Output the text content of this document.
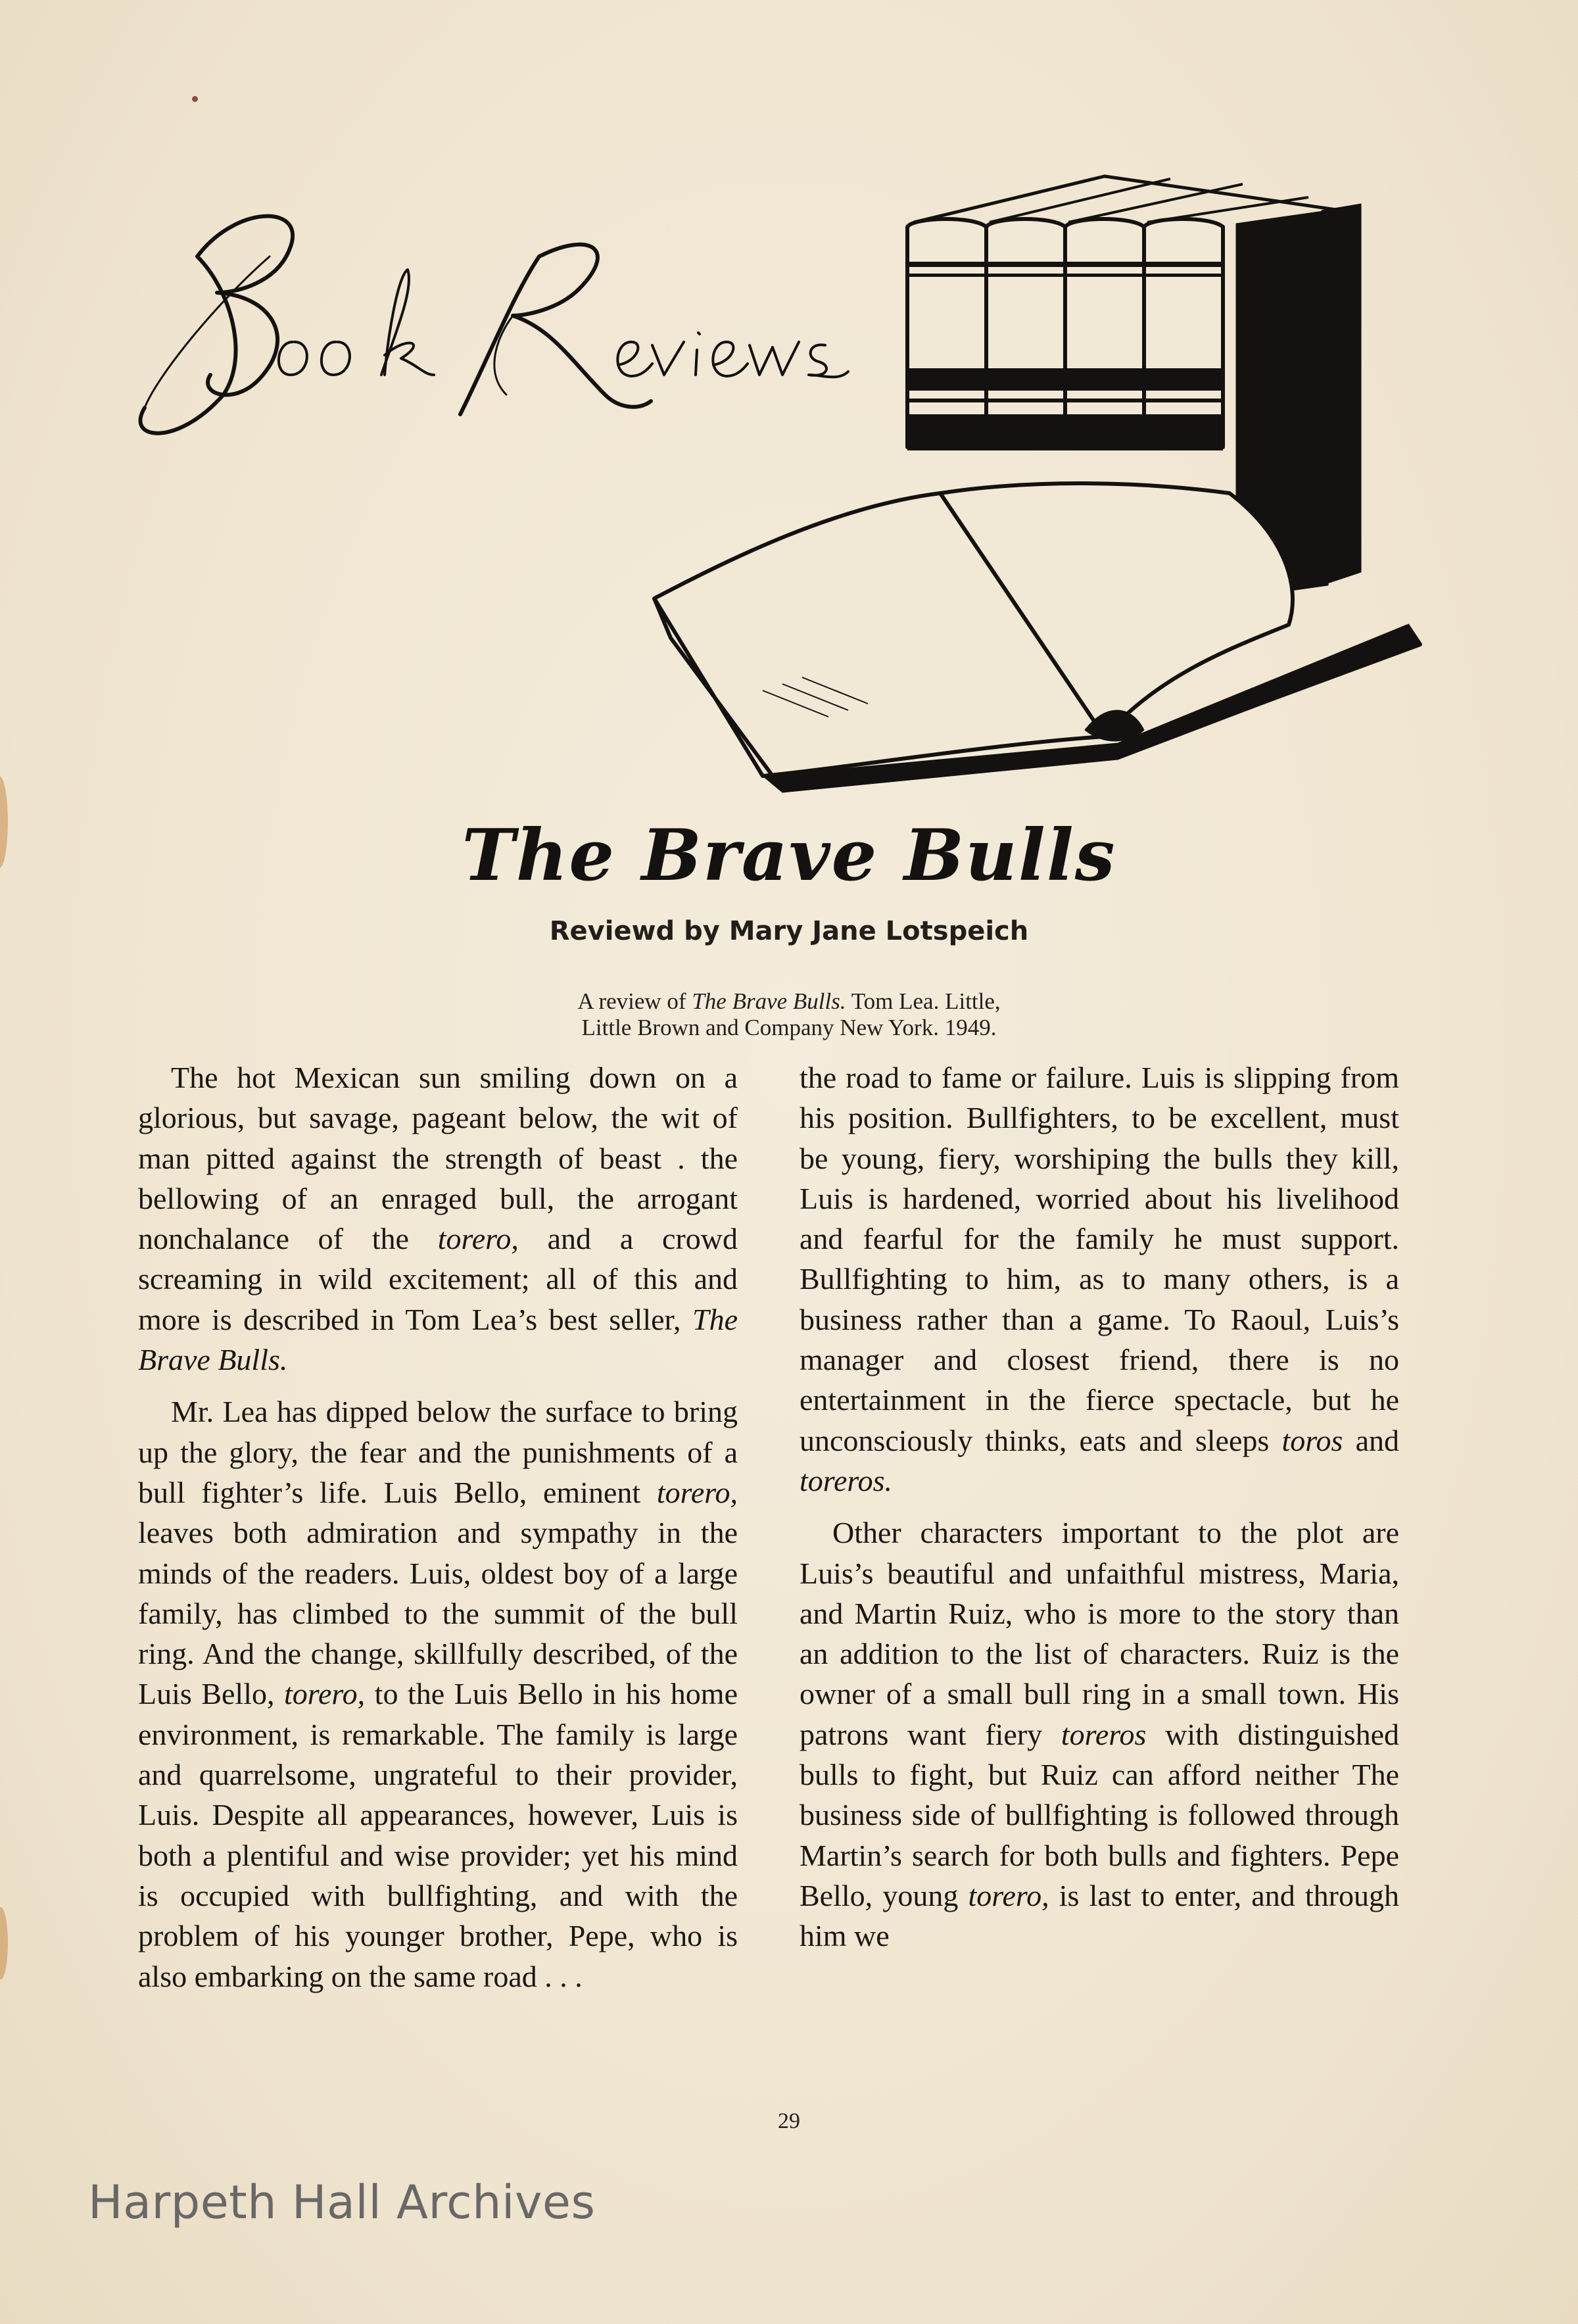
The Brave Bulls
Reviewd by Mary Jane Lotspeich
A review of The Brave Bulls. Tom Lea. Little,
Little Brown and Company New York. 1949.

The hot Mexican sun smiling down on a glorious, but savage, pageant below, the wit of man pitted against the strength of beast . the bellowing of an enraged bull, the arrogant nonchalance of the torero, and a crowd screaming in wild excitement; all of this and more is described in Tom Lea’s best seller, The Brave Bulls.

Mr. Lea has dipped below the surface to bring up the glory, the fear and the punishments of a bull fighter’s life. Luis Bello, eminent torero, leaves both admiration and sympathy in the minds of the readers. Luis, oldest boy of a large family, has climbed to the summit of the bull ring. And the change, skillfully described, of the Luis Bello, torero, to the Luis Bello in his home environment, is remarkable. The family is large and quarrelsome, ungrateful to their provider, Luis. Despite all appearances, however, Luis is both a plentiful and wise provider; yet his mind is occupied with bullfighting, and with the problem of his younger brother, Pepe, who is also embarking on the same road . . .

the road to fame or failure. Luis is slipping from his position. Bullfighters, to be excellent, must be young, fiery, worshiping the bulls they kill, Luis is hardened, worried about his livelihood and fearful for the family he must support. Bullfighting to him, as to many others, is a business rather than a game. To Raoul, Luis’s manager and closest friend, there is no entertainment in the fierce spectacle, but he unconsciously thinks, eats and sleeps toros and toreros.

Other characters important to the plot are Luis’s beautiful and unfaithful mistress, Maria, and Martin Ruiz, who is more to the story than an addition to the list of characters. Ruiz is the owner of a small bull ring in a small town. His patrons want fiery toreros with distinguished bulls to fight, but Ruiz can afford neither The business side of bullfighting is followed through Martin’s search for both bulls and fighters. Pepe Bello, young torero, is last to enter, and through him we

29
Harpeth Hall Archives
